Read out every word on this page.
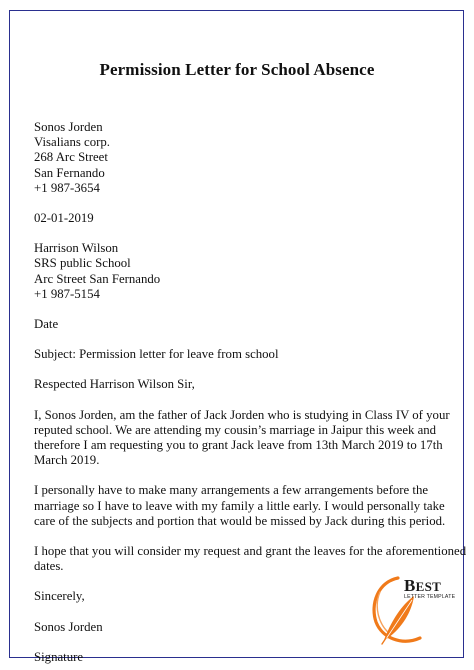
Permission Letter for School Absence
Sonos Jorden
Visalians corp.
268 Arc Street
San Fernando
+1 987-3654
02-01-2019
Harrison Wilson
SRS public School
Arc Street San Fernando
+1 987-5154
Date
Subject: Permission letter for leave from school
Respected Harrison Wilson Sir,
I, Sonos Jorden, am the father of Jack Jorden who is studying in Class IV of your
reputed school. We are attending my cousin’s marriage in Jaipur this week and
therefore I am requesting you to grant Jack leave from 13th March 2019 to 17th
March 2019.
I personally have to make many arrangements a few arrangements before the
marriage so I have to leave with my family a little early. I would personally take
care of the subjects and portion that would be missed by Jack during this period.
I hope that you will consider my request and grant the leaves for the aforementioned
dates.
Sincerely,
Sonos Jorden
Signature
BEST
LETTER TEMPLATE
